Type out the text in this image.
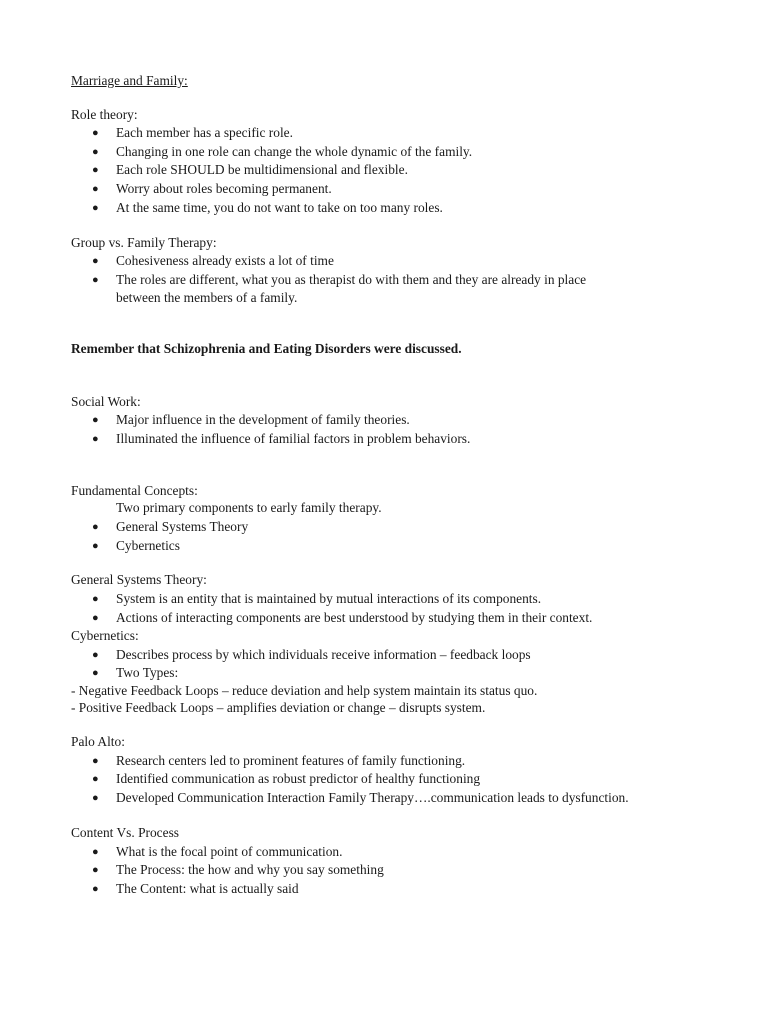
Marriage and Family:
Role theory:
● Each member has a specific role.
● Changing in one role can change the whole dynamic of the family.
● Each role SHOULD be multidimensional and flexible.
● Worry about roles becoming permanent.
● At the same time, you do not want to take on too many roles.
Group vs. Family Therapy:
● Cohesiveness already exists a lot of time
● The roles are different, what you as therapist do with them and they are already in place
between the members of a family.
Remember that Schizophrenia and Eating Disorders were discussed.
Social Work:
● Major influence in the development of family theories.
● Illuminated the influence of familial factors in problem behaviors.
Fundamental Concepts:
Two primary components to early family therapy.
● General Systems Theory
● Cybernetics
General Systems Theory:
● System is an entity that is maintained by mutual interactions of its components.
● Actions of interacting components are best understood by studying them in their context.
Cybernetics:
● Describes process by which individuals receive information – feedback loops
● Two Types:
- Negative Feedback Loops – reduce deviation and help system maintain its status quo.
- Positive Feedback Loops – amplifies deviation or change – disrupts system.
Palo Alto:
● Research centers led to prominent features of family functioning.
● Identified communication as robust predictor of healthy functioning
● Developed Communication Interaction Family Therapy….communication leads to dysfunction.
Content Vs. Process
● What is the focal point of communication.
● The Process: the how and why you say something
● The Content: what is actually said
